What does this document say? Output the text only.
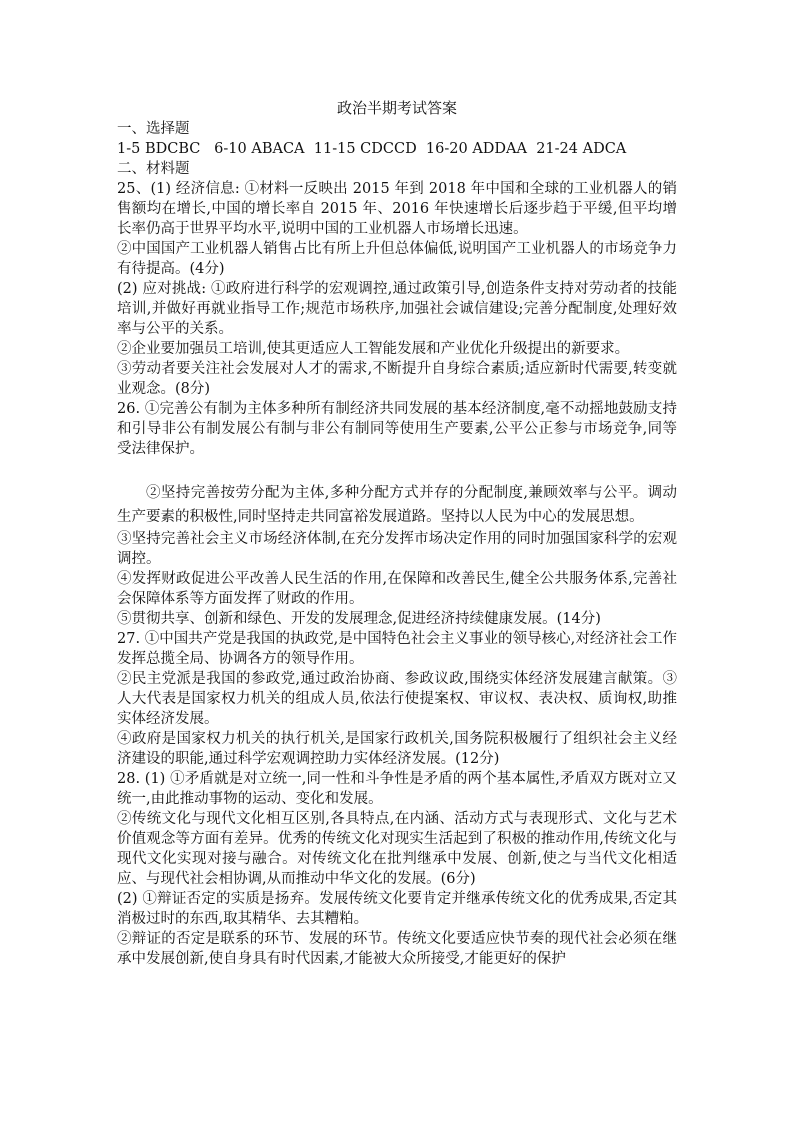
政治半期考试答案
一、选择题
1-5 BDCBC   6-10 ABACA  11-15 CDCCD  16-20 ADDAA  21-24 ADCA
二、材料题

25、(1) 经济信息: ①材料一反映出 2015 年到 2018 年中国和全球的工业机器人的销售额均在增长,中国的增长率自 2015 年、2016 年快速增长后逐步趋于平缓,但平均增长率仍高于世界平均水平,说明中国的工业机器人市场增长迅速。

②中国国产工业机器人销售占比有所上升但总体偏低,说明国产工业机器人的市场竞争力有待提高。(4分)

(2) 应对挑战: ①政府进行科学的宏观调控,通过政策引导,创造条件支持对劳动者的技能培训,并做好再就业指导工作;规范市场秩序,加强社会诚信建设;完善分配制度,处理好效率与公平的关系。

②企业要加强员工培训,使其更适应人工智能发展和产业优化升级提出的新要求。

③劳动者要关注社会发展对人才的需求,不断提升自身综合素质;适应新时代需要,转变就业观念。(8分)

26. ①完善公有制为主体多种所有制经济共同发展的基本经济制度,毫不动摇地鼓励支持和引导非公有制发展公有制与非公有制同等使用生产要素,公平公正参与市场竞争,同等受法律保护。

②坚持完善按劳分配为主体,多种分配方式并存的分配制度,兼顾效率与公平。调动生产要素的积极性,同时坚持走共同富裕发展道路。坚持以人民为中心的发展思想。

③坚持完善社会主义市场经济体制,在充分发挥市场决定作用的同时加强国家科学的宏观调控。

④发挥财政促进公平改善人民生活的作用,在保障和改善民生,健全公共服务体系,完善社会保障体系等方面发挥了财政的作用。

⑤贯彻共享、创新和绿色、开发的发展理念,促进经济持续健康发展。(14分)

27. ①中国共产党是我国的执政党,是中国特色社会主义事业的领导核心,对经济社会工作发挥总揽全局、协调各方的领导作用。

②民主党派是我国的参政党,通过政治协商、参政议政,围绕实体经济发展建言献策。③人大代表是国家权力机关的组成人员,依法行使提案权、审议权、表决权、质询权,助推实体经济发展。

④政府是国家权力机关的执行机关,是国家行政机关,国务院积极履行了组织社会主义经济建设的职能,通过科学宏观调控助力实体经济发展。(12分)

28. (1) ①矛盾就是对立统一,同一性和斗争性是矛盾的两个基本属性,矛盾双方既对立又统一,由此推动事物的运动、变化和发展。

②传统文化与现代文化相互区别,各具特点,在内涵、活动方式与表现形式、文化与艺术价值观念等方面有差异。优秀的传统文化对现实生活起到了积极的推动作用,传统文化与现代文化实现对接与融合。对传统文化在批判继承中发展、创新,使之与当代文化相适应、与现代社会相协调,从而推动中华文化的发展。(6分)

(2) ①辩证否定的实质是扬弃。发展传统文化要肯定并继承传统文化的优秀成果,否定其消极过时的东西,取其精华、去其糟粕。

②辩证的否定是联系的环节、发展的环节。传统文化要适应快节奏的现代社会必须在继承中发展创新,使自身具有时代因素,才能被大众所接受,才能更好的保护
